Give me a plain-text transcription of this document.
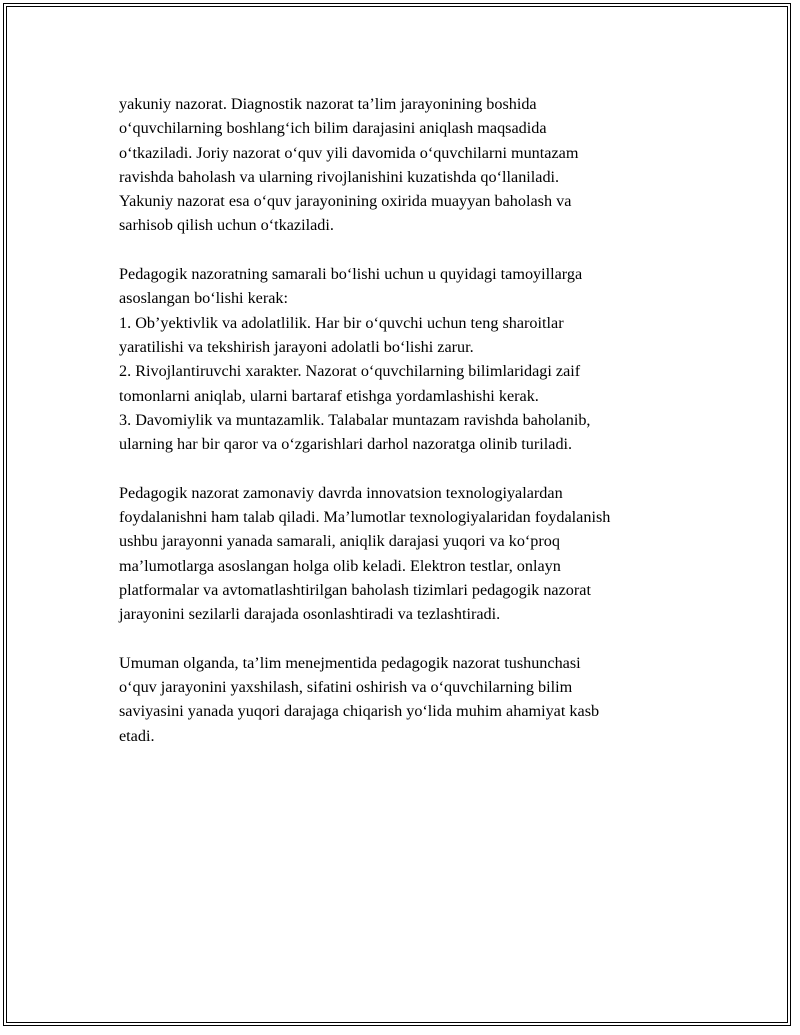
yakuniy nazorat. Diagnostik nazorat ta’lim jarayonining boshida
o‘quvchilarning boshlang‘ich bilim darajasini aniqlash maqsadida
o‘tkaziladi. Joriy nazorat o‘quv yili davomida o‘quvchilarni muntazam
ravishda baholash va ularning rivojlanishini kuzatishda qo‘llaniladi.
Yakuniy nazorat esa o‘quv jarayonining oxirida muayyan baholash va
sarhisob qilish uchun o‘tkaziladi.
Pedagogik nazoratning samarali bo‘lishi uchun u quyidagi tamoyillarga
asoslangan bo‘lishi kerak:
1. Ob’yektivlik va adolatlilik. Har bir o‘quvchi uchun teng sharoitlar
yaratilishi va tekshirish jarayoni adolatli bo‘lishi zarur.
2. Rivojlantiruvchi xarakter. Nazorat o‘quvchilarning bilimlaridagi zaif
tomonlarni aniqlab, ularni bartaraf etishga yordamlashishi kerak.
3. Davomiylik va muntazamlik. Talabalar muntazam ravishda baholanib,
ularning har bir qaror va o‘zgarishlari darhol nazoratga olinib turiladi.
Pedagogik nazorat zamonaviy davrda innovatsion texnologiyalardan
foydalanishni ham talab qiladi. Ma’lumotlar texnologiyalaridan foydalanish
ushbu jarayonni yanada samarali, aniqlik darajasi yuqori va ko‘proq
ma’lumotlarga asoslangan holga olib keladi. Elektron testlar, onlayn
platformalar va avtomatlashtirilgan baholash tizimlari pedagogik nazorat
jarayonini sezilarli darajada osonlashtiradi va tezlashtiradi.
Umuman olganda, ta’lim menejmentida pedagogik nazorat tushunchasi
o‘quv jarayonini yaxshilash, sifatini oshirish va o‘quvchilarning bilim
saviyasini yanada yuqori darajaga chiqarish yo‘lida muhim ahamiyat kasb
etadi.
